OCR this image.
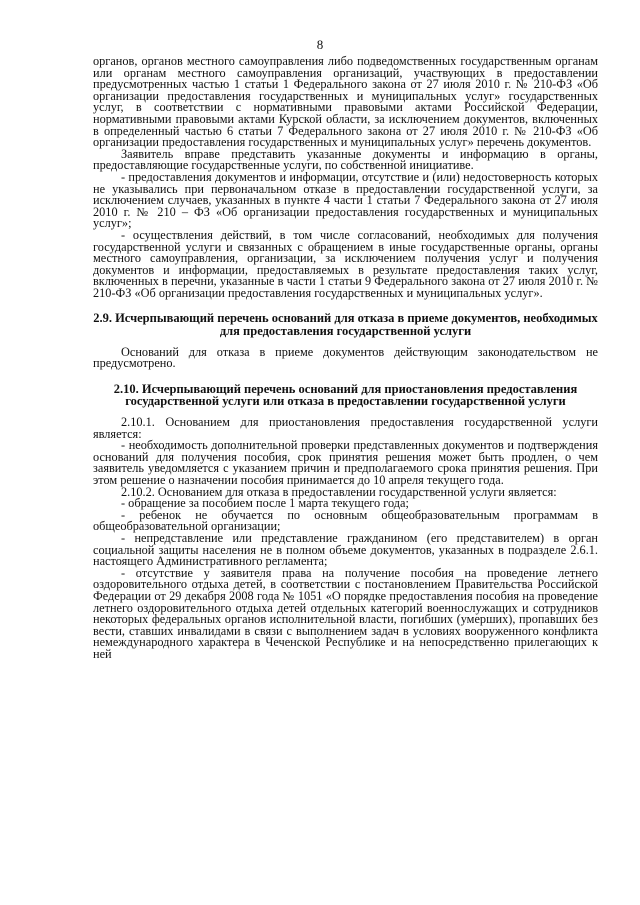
8

органов, органов местного самоуправления либо подведомственных государственным органам или органам местного самоуправления организаций, участвующих в предоставлении предусмотренных частью 1 статьи 1 Федерального закона от 27 июля 2010 г. № 210-ФЗ «Об организации предоставления государственных и муниципальных услуг» государственных услуг, в соответствии с нормативными правовыми актами Российской Федерации, нормативными правовыми актами Курской области, за исключением документов, включенных в определенный частью 6 статьи 7 Федерального закона от 27 июля 2010 г. № 210-ФЗ «Об организации предоставления государственных и муниципальных услуг» перечень документов.

Заявитель вправе представить указанные документы и информацию в органы, предоставляющие государственные услуги, по собственной инициативе.

- предоставления документов и информации, отсутствие и (или) недостоверность которых не указывались при первоначальном отказе в предоставлении государственной услуги, за исключением случаев, указанных в пункте 4 части 1 статьи 7 Федерального закона от 27 июля 2010 г. № 210 – ФЗ «Об организации предоставления государственных и муниципальных услуг»;

- осуществления действий, в том числе согласований, необходимых для получения государственной услуги и связанных с обращением в иные государственные органы, органы местного самоуправления, организации, за исключением получения услуг и получения документов и информации, предоставляемых в результате предоставления таких услуг, включенных в перечни, указанные в части 1 статьи 9 Федерального закона от 27 июля 2010 г. № 210-ФЗ «Об организации предоставления государственных и муниципальных услуг».

2.9. Исчерпывающий перечень оснований для отказа в приеме документов, необходимых для предоставления государственной услуги

Оснований для отказа в приеме документов действующим законодательством не предусмотрено.

2.10. Исчерпывающий перечень оснований для приостановления предоставления государственной услуги или отказа в предоставлении государственной услуги

2.10.1. Основанием для приостановления предоставления государственной услуги является:

- необходимость дополнительной проверки представленных документов и подтверждения оснований для получения пособия, срок принятия решения может быть продлен, о чем заявитель уведомляется с указанием причин и предполагаемого срока принятия решения. При этом решение о назначении пособия принимается до 10 апреля текущего года.

2.10.2. Основанием для отказа в предоставлении государственной услуги является:

- обращение за пособием после 1 марта текущего года;

- ребенок не обучается по основным общеобразовательным программам в общеобразовательной организации;

- непредставление или представление гражданином (его представителем) в орган социальной защиты населения не в полном объеме документов, указанных в подразделе 2.6.1. настоящего Административного регламента;

- отсутствие у заявителя права на получение пособия на проведение летнего оздоровительного отдыха детей, в соответствии с постановлением Правительства Российской Федерации от 29 декабря 2008 года № 1051 «О порядке предоставления пособия на проведение летнего оздоровительного отдыха детей отдельных категорий военнослужащих и сотрудников некоторых федеральных органов исполнительной власти, погибших (умерших), пропавших без вести, ставших инвалидами в связи с выполнением задач в условиях вооруженного конфликта немеждународного характера в Чеченской Республике и на непосредственно прилегающих к ней
